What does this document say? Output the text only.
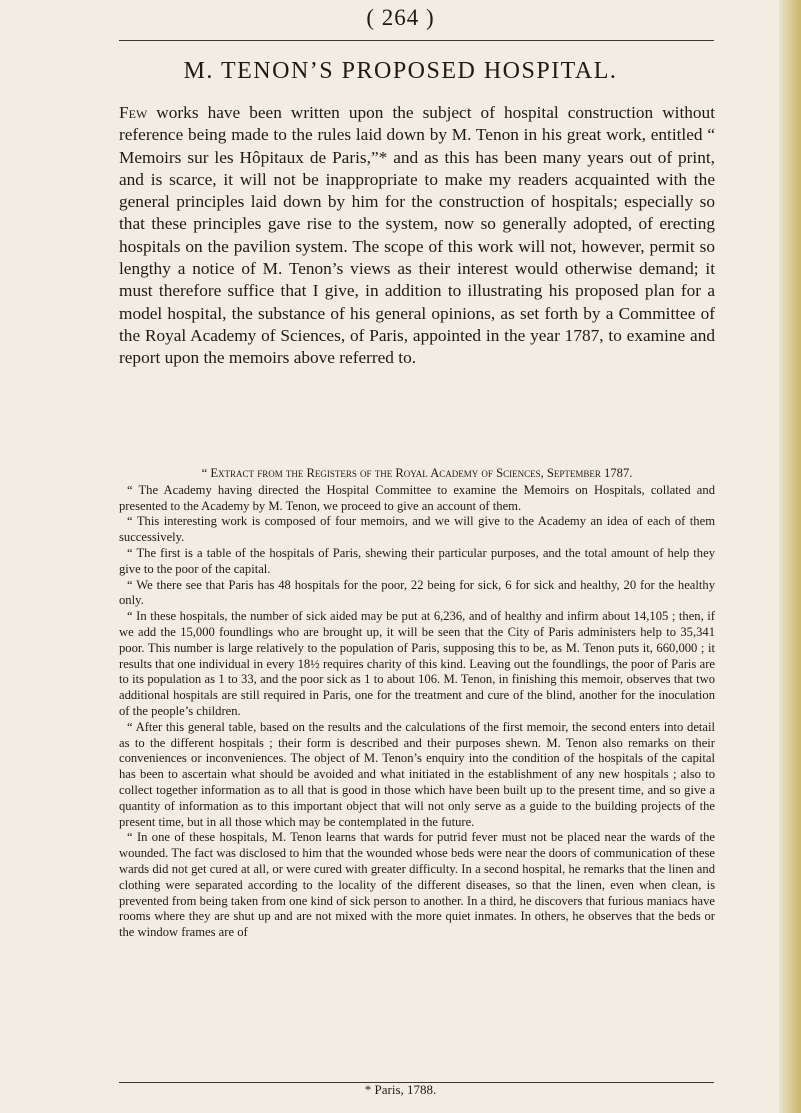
( 264 )
M. TENON’S PROPOSED HOSPITAL.

Few works have been written upon the subject of hospital construction without reference being made to the rules laid down by M. Tenon in his great work, entitled “ Memoirs sur les Hôpitaux de Paris,”* and as this has been many years out of print, and is scarce, it will not be inappropriate to make my readers acquainted with the general principles laid down by him for the construction of hospitals; especially so that these principles gave rise to the system, now so generally adopted, of erecting hospitals on the pavilion system. The scope of this work will not, however, permit so lengthy a notice of M. Tenon’s views as their interest would otherwise demand; it must therefore suffice that I give, in addition to illustrating his proposed plan for a model hospital, the substance of his general opinions, as set forth by a Committee of the Royal Academy of Sciences, of Paris, appointed in the year 1787, to examine and report upon the memoirs above referred to.

“ Extract from the Registers of the Royal Academy of Sciences, September 1787.

“ The Academy having directed the Hospital Committee to examine the Memoirs on Hospitals, collated and presented to the Academy by M. Tenon, we proceed to give an account of them.

“ This interesting work is composed of four memoirs, and we will give to the Academy an idea of each of them successively.

“ The first is a table of the hospitals of Paris, shewing their particular purposes, and the total amount of help they give to the poor of the capital.

“ We there see that Paris has 48 hospitals for the poor, 22 being for sick, 6 for sick and healthy, 20 for the healthy only.

“ In these hospitals, the number of sick aided may be put at 6,236, and of healthy and infirm about 14,105 ; then, if we add the 15,000 foundlings who are brought up, it will be seen that the City of Paris administers help to 35,341 poor. This number is large relatively to the population of Paris, supposing this to be, as M. Tenon puts it, 660,000 ; it results that one individual in every 18½ requires charity of this kind. Leaving out the foundlings, the poor of Paris are to its population as 1 to 33, and the poor sick as 1 to about 106. M. Tenon, in finishing this memoir, observes that two additional hospitals are still required in Paris, one for the treatment and cure of the blind, another for the inoculation of the people’s children.

“ After this general table, based on the results and the calculations of the first memoir, the second enters into detail as to the different hospitals ; their form is described and their purposes shewn. M. Tenon also remarks on their conveniences or inconveniences. The object of M. Tenon’s enquiry into the condition of the hospitals of the capital has been to ascertain what should be avoided and what initiated in the establishment of any new hospitals ; also to collect together information as to all that is good in those which have been built up to the present time, and so give a quantity of information as to this important object that will not only serve as a guide to the building projects of the present time, but in all those which may be contemplated in the future.

“ In one of these hospitals, M. Tenon learns that wards for putrid fever must not be placed near the wards of the wounded. The fact was disclosed to him that the wounded whose beds were near the doors of communication of these wards did not get cured at all, or were cured with greater difficulty. In a second hospital, he remarks that the linen and clothing were separated according to the locality of the different diseases, so that the linen, even when clean, is prevented from being taken from one kind of sick person to another. In a third, he discovers that furious maniacs have rooms where they are shut up and are not mixed with the more quiet inmates. In others, he observes that the beds or the window frames are of

* Paris, 1788.
